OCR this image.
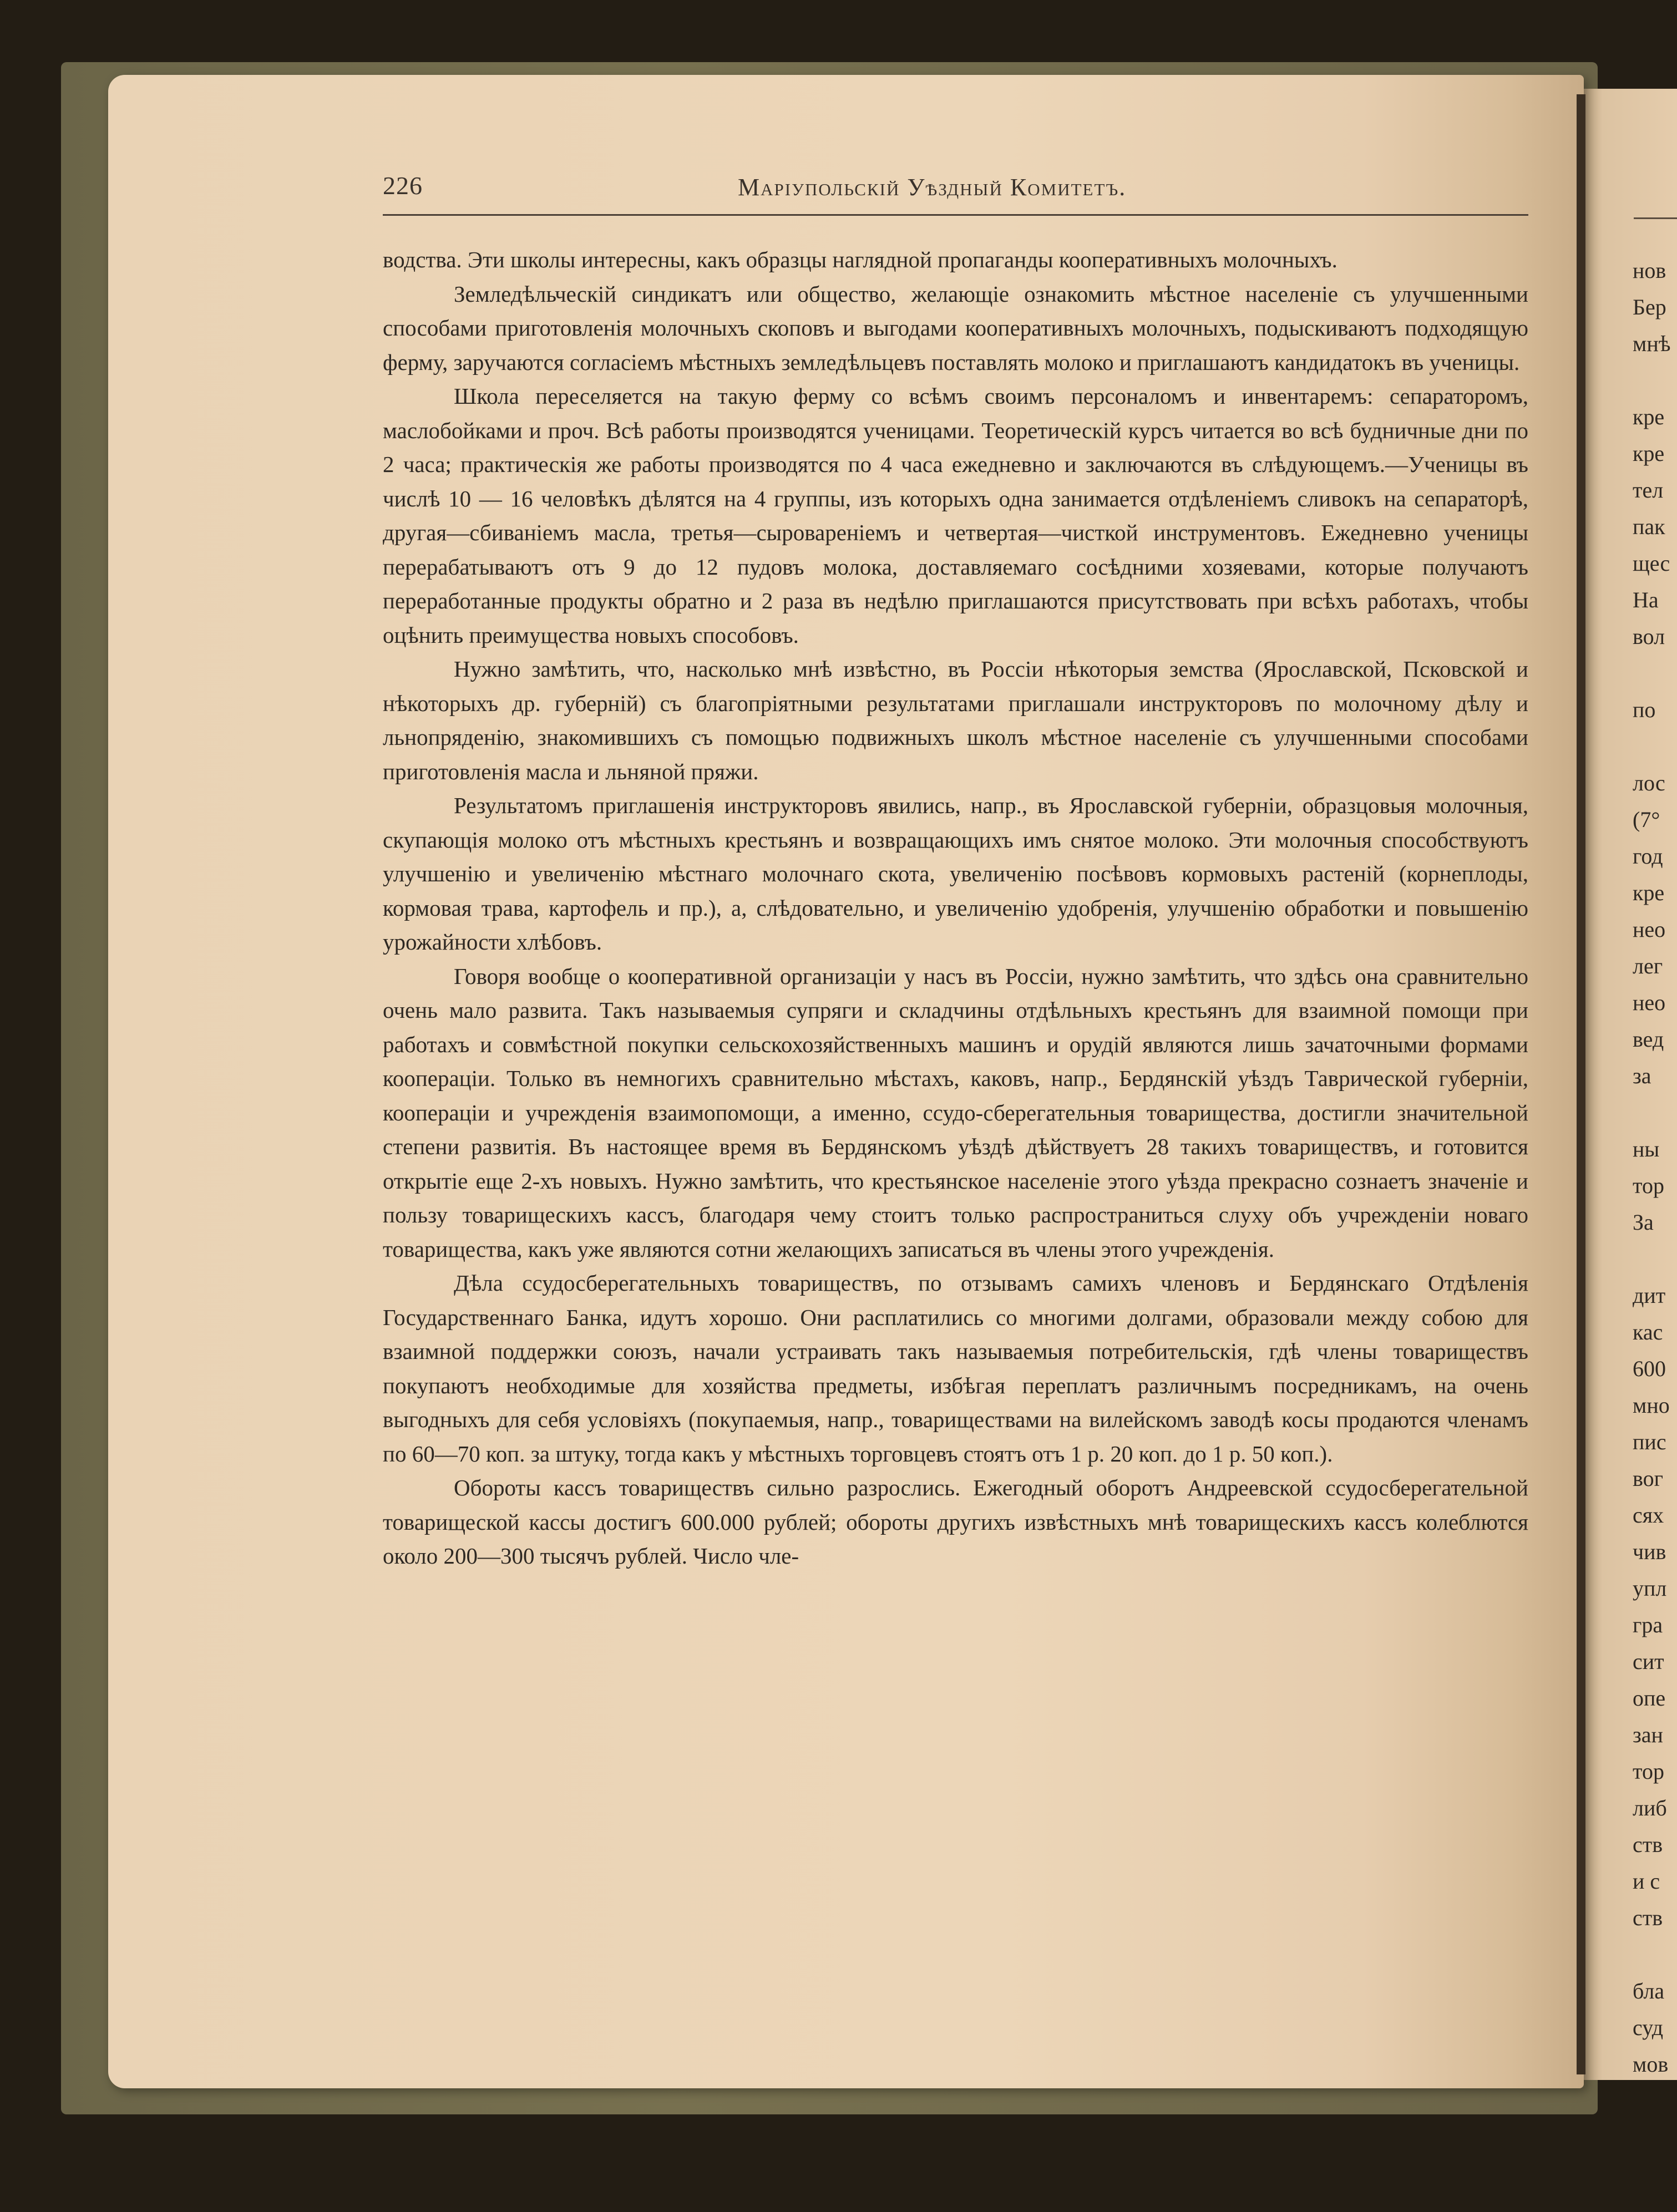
нов
Бер
мнѣ
кре
кре
тел
пак
щес
На
вол
по
лос
(7°
год
кре
нео
лег
нео
вед
за
ны
тор
За
дит
кас
600
мно
пис
вог
сях
чив
упл
гра
сит
опе
зан
тор
либ
ств
и с
ств
бла
суд
мов
226	Маріупольскій Уѣздный Комитетъ.

водства. Эти школы интересны, какъ образцы наглядной пропаганды кооперативныхъ молочныхъ.

Земледѣльческій синдикатъ или общество, желающіе ознакомить мѣстное населеніе съ улучшенными способами приготовленія молочныхъ скоповъ и выгодами кооперативныхъ молочныхъ, подыскиваютъ подходящую ферму, заручаются согласіемъ мѣстныхъ земледѣльцевъ поставлять молоко и приглашаютъ кандидатокъ въ ученицы.

Школа переселяется на такую ферму со всѣмъ своимъ персоналомъ и инвентаремъ: сепараторомъ, маслобойками и проч. Всѣ работы производятся ученицами. Теоретическій курсъ читается во всѣ будничные дни по 2 часа; практическія же работы производятся по 4 часа ежедневно и заключаются въ слѣдующемъ.—Ученицы въ числѣ 10 — 16 человѣкъ дѣлятся на 4 группы, изъ которыхъ одна занимается отдѣленіемъ сливокъ на сепараторѣ, другая—сбиваніемъ масла, третья—сыровареніемъ и четвертая—чисткой инструментовъ. Ежедневно ученицы перерабатываютъ отъ 9 до 12 пудовъ молока, доставляемаго сосѣдними хозяевами, которые получаютъ переработанные продукты обратно и 2 раза въ недѣлю приглашаются присутствовать при всѣхъ работахъ, чтобы оцѣнить преимущества новыхъ способовъ.

Нужно замѣтить, что, насколько мнѣ извѣстно, въ Россіи нѣкоторыя земства (Ярославской, Псковской и нѣкоторыхъ др. губерній) съ благопріятными результатами приглашали инструкторовъ по молочному дѣлу и льнопряденію, знакомившихъ съ помощью подвижныхъ школъ мѣстное населеніе съ улучшенными способами приготовленія масла и льняной пряжи.

Результатомъ приглашенія инструкторовъ явились, напр., въ Ярославской губерніи, образцовыя молочныя, скупающія молоко отъ мѣстныхъ крестьянъ и возвращающихъ имъ снятое молоко. Эти молочныя способствуютъ улучшенію и увеличенію мѣстнаго молочнаго скота, увеличенію посѣвовъ кормовыхъ растеній (корнеплоды, кормовая трава, картофель и пр.), а, слѣдовательно, и увеличенію удобренія, улучшенію обработки и повышенію урожайности хлѣбовъ.

Говоря вообще о кооперативной организаціи у насъ въ Россіи, нужно замѣтить, что здѣсь она сравнительно очень мало развита. Такъ называемыя супряги и складчины отдѣльныхъ крестьянъ для взаимной помощи при работахъ и совмѣстной покупки сельскохозяйственныхъ машинъ и орудій являются лишь зачаточными формами коопераціи. Только въ немногихъ сравнительно мѣстахъ, каковъ, напр., Бердянскій уѣздъ Таврической губерніи, коопераціи и учрежденія взаимопомощи, а именно, ссудо-сберегательныя товарищества, достигли значительной степени развитія. Въ настоящее время въ Бердянскомъ уѣздѣ дѣйствуетъ 28 такихъ товариществъ, и готовится открытіе еще 2-хъ новыхъ. Нужно замѣтить, что крестьянское населеніе этого уѣзда прекрасно сознаетъ значеніе и пользу товарищескихъ кассъ, благодаря чему стоитъ только распространиться слуху объ учрежденіи новаго товарищества, какъ уже являются сотни желающихъ записаться въ члены этого учрежденія.

Дѣла ссудосберегательныхъ товариществъ, по отзывамъ самихъ членовъ и Бердянскаго Отдѣленія Государственнаго Банка, идутъ хорошо. Они расплатились со многими долгами, образовали между собою для взаимной поддержки союзъ, начали устраивать такъ называемыя потребительскія, гдѣ члены товариществъ покупаютъ необходимые для хозяйства предметы, избѣгая переплатъ различнымъ посредникамъ, на очень выгодныхъ для себя условіяхъ (покупаемыя, напр., товариществами на вилейскомъ заводѣ косы продаются членамъ по 60—70 коп. за штуку, тогда какъ у мѣстныхъ торговцевъ стоятъ отъ 1 р. 20 коп. до 1 р. 50 коп.).

Обороты кассъ товариществъ сильно разрослись. Ежегодный оборотъ Андреевской ссудосберегательной товарищеской кассы достигъ 600.000 рублей; обороты другихъ извѣстныхъ мнѣ товарищескихъ кассъ колеблются около 200—300 тысячъ рублей. Число чле-
